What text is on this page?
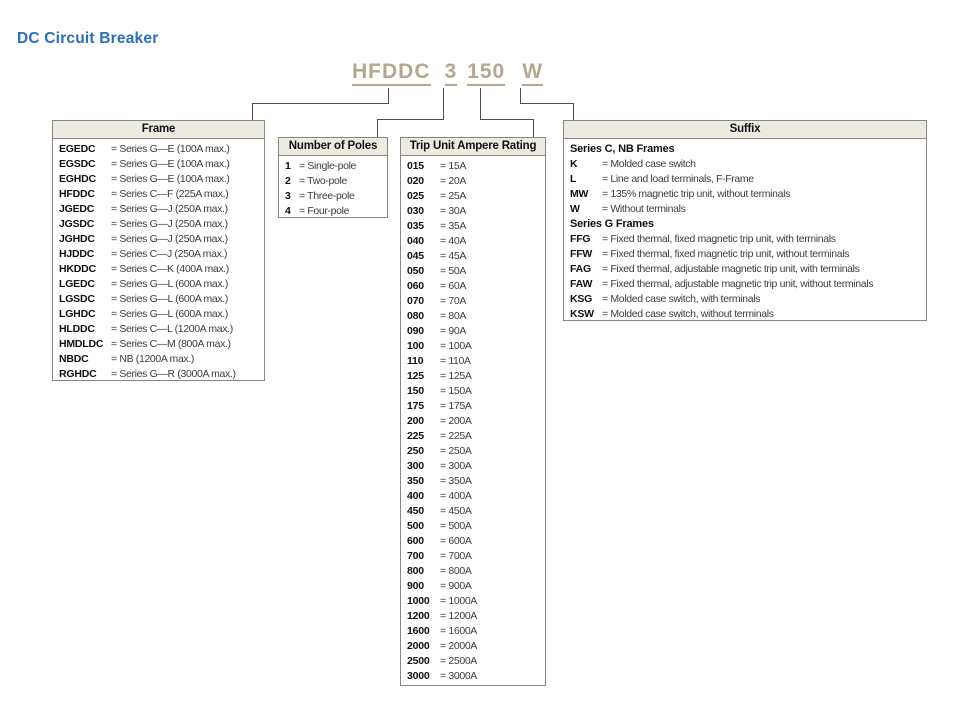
DC Circuit Breaker
HFDDC 3 150 W
Frame
EGEDC	= Series G—E (100A max.)
EGSDC	= Series G—E (100A max.)
EGHDC	= Series G—E (100A max.)
HFDDC	= Series C—F (225A max.)
JGEDC	= Series G—J (250A max.)
JGSDC	= Series G—J (250A max.)
JGHDC	= Series G—J (250A max.)
HJDDC	= Series C—J (250A max.)
HKDDC	= Series C—K (400A max.)
LGEDC	= Series G—L (600A max.)
LGSDC	= Series G—L (600A max.)
LGHDC	= Series G—L (600A max.)
HLDDC	= Series C—L (1200A max.)
HMDLDC = Series C—M (800A max.)
NBDC	= NB (1200A max.)
RGHDC	= Series G—R (3000A max.)
Number of Poles
1 = Single-pole
2 = Two-pole
3 = Three-pole
4 = Four-pole
Trip Unit Ampere Rating
015	= 15A
020	= 20A
025	= 25A
030	= 30A
035	= 35A
040	= 40A
045	= 45A
050	= 50A
060	= 60A
070	= 70A
080	= 80A
090	= 90A
100	= 100A
110	= 110A
125	= 125A
150	= 150A
175	= 175A
200	= 200A
225	= 225A
250	= 250A
300	= 300A
350	= 350A
400	= 400A
450	= 450A
500	= 500A
600	= 600A
700	= 700A
800	= 800A
900	= 900A
1000 = 1000A
1200 = 1200A
1600 = 1600A
2000 = 2000A
2500 = 2500A
3000 = 3000A
Suffix
Series C, NB Frames
K	= Molded case switch
L	= Line and load terminals, F-Frame
MW	= 135% magnetic trip unit, without terminals
W	= Without terminals
Series G Frames
FFG	= Fixed thermal, fixed magnetic trip unit, with terminals
FFW = Fixed thermal, fixed magnetic trip unit, without terminals
FAG	= Fixed thermal, adjustable magnetic trip unit, with terminals
FAW = Fixed thermal, adjustable magnetic trip unit, without terminals
KSG = Molded case switch, with terminals
KSW = Molded case switch, without terminals
